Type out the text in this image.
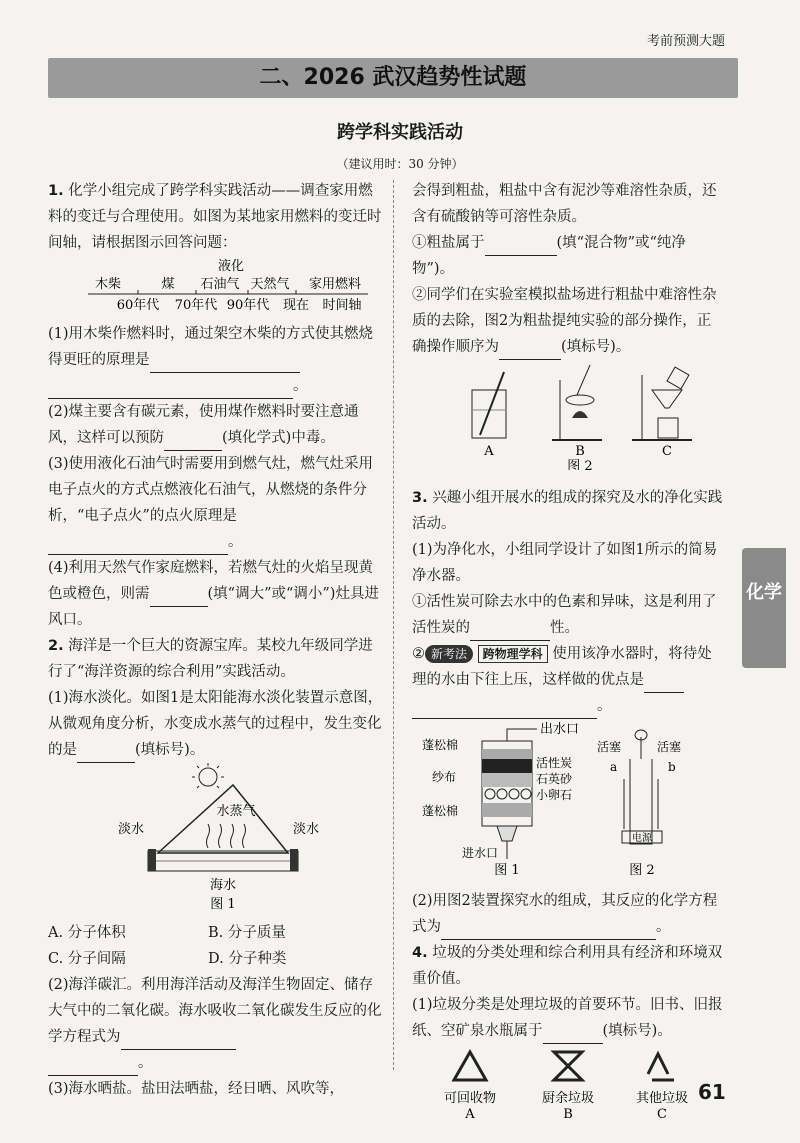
考前预测大题
二、2026 武汉趋势性试题
跨学科实践活动
（建议用时：30 分钟）

1. 化学小组完成了跨学科实践活动——调查家用燃料的变迁与合理使用。如图为某地家用燃料的变迁时间轴，请根据图示回答问题：

液化
木柴	煤 石油气 天然气 家用燃料
60年代 70年代 90年代 现在 时间轴

(1)用木柴作燃料时，通过架空木柴的方式使其燃烧得更旺的原理是
。

(2)煤主要含有碳元素，使用煤作燃料时要注意通风，这样可以预防	(填化学式)中毒。

(3)使用液化石油气时需要用到燃气灶，燃气灶采用电子点火的方式点燃液化石油气，从燃烧的条件分析，“电子点火”的点火原理是。

(4)利用天然气作家庭燃料，若燃气灶的火焰呈现黄色或橙色，则需	(填“调大”或“调小”)灶具进风口。

2. 海洋是一个巨大的资源宝库。某校九年级同学进行了“海洋资源的综合利用”实践活动。

(1)海水淡化。如图1是太阳能海水淡化装置示意图，从微观角度分析，水变成水蒸气的过程中，发生变化的是	(填标号)。

水蒸气
淡水	淡水
海水
图 1
A. 分子体积	B. 分子质量
C. 分子间隔	D. 分子种类

(2)海洋碳汇。利用海洋活动及海洋生物固定、储存大气中的二氧化碳。海水吸收二氧化碳发生反应的化学方程式为
。

(3)海水晒盐。盐田法晒盐，经日晒、风吹等，

会得到粗盐，粗盐中含有泥沙等难溶性杂质，还含有硫酸钠等可溶性杂质。

①粗盐属于	(填“混合物”或“纯净物”)。

②同学们在实验室模拟盐场进行粗盐中难溶性杂质的去除，图2为粗盐提纯实验的部分操作，正确操作顺序为	(填标号)。

A	B	C
图 2

3. 兴趣小组开展水的组成的探究及水的净化实践活动。

(1)为净化水，小组同学设计了如图1所示的简易净水器。

①活性炭可除去水中的色素和异味，这是利用了活性炭的	性。

② 新考法 跨物理学科 使用该净水器时，将待处理的水由下往上压，这样做的优点是
。

出水口
蓬松棉
活性炭
纱布	石英砂
小卵石
蓬松棉
进水口
图 1
电源
活塞	活塞
a	b
图 2

(2)用图2装置探究水的组成，其反应的化学方程式为	。

4. 垃圾的分类处理和综合利用具有经济和环境双重价值。

(1)垃圾分类是处理垃圾的首要环节。旧书、旧报纸、空矿泉水瓶属于	(填标号)。

可回收物
A
厨余垃圾
B
其他垃圾
C
化学
61
